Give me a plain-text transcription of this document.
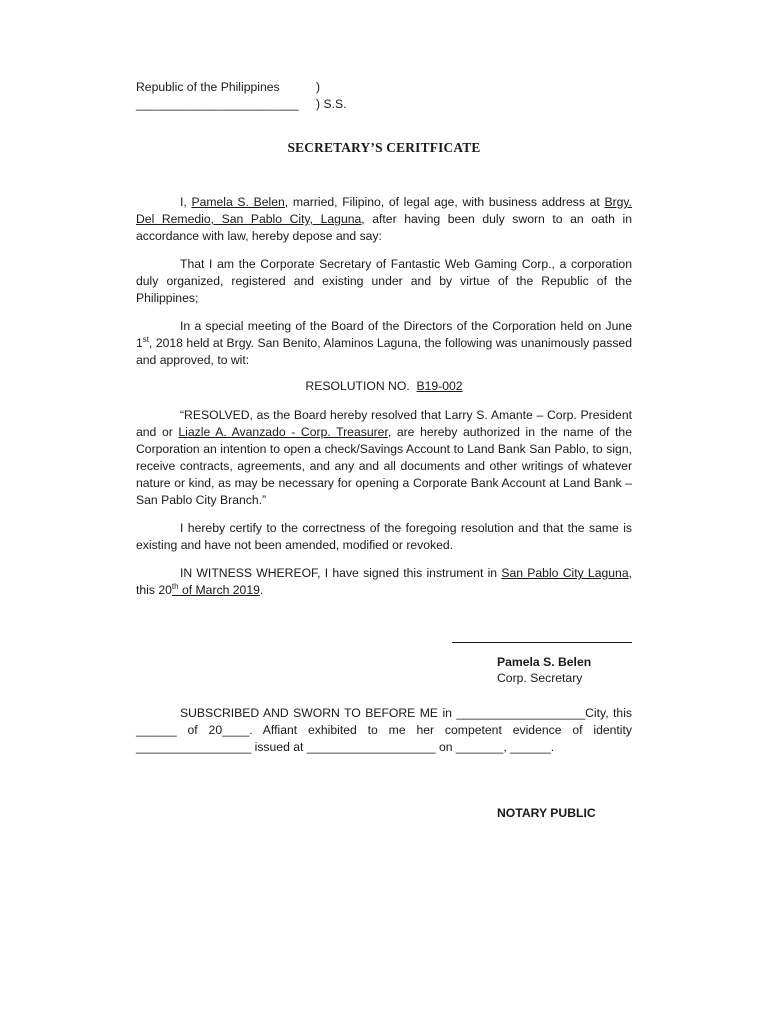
Republic of the Philippines	)
________________________	) S.S.
SECRETARY’S CERITFICATE
I, Pamela S. Belen, married, Filipino, of legal age, with business address at Brgy. Del Remedio, San Pablo City, Laguna, after having been duly sworn to an oath in accordance with law, hereby depose and say:
That I am the Corporate Secretary of Fantastic Web Gaming Corp., a corporation duly organized, registered and existing under and by virtue of the Republic of the Philippines;
In a special meeting of the Board of the Directors of the Corporation held on June 1st, 2018 held at Brgy. San Benito, Alaminos Laguna, the following was unanimously passed and approved, to wit:
RESOLUTION NO. B19-002
“RESOLVED, as the Board hereby resolved that Larry S. Amante – Corp. President and or Liazle A. Avanzado - Corp. Treasurer, are hereby authorized in the name of the Corporation an intention to open a check/Savings Account to Land Bank San Pablo, to sign, receive contracts, agreements, and any and all documents and other writings of whatever nature or kind, as may be necessary for opening a Corporate Bank Account at Land Bank –San Pablo City Branch.”
I hereby certify to the correctness of the foregoing resolution and that the same is existing and have not been amended, modified or revoked.
IN WITNESS WHEREOF, I have signed this instrument in San Pablo City Laguna, this 20th of March 2019.
Pamela S. Belen
Corp. Secretary
SUBSCRIBED AND SWORN TO BEFORE ME in ___________________City, this ______ of 20____. Affiant exhibited to me her competent evidence of identity _________________ issued at ___________________ on _______, ______.
NOTARY PUBLIC
